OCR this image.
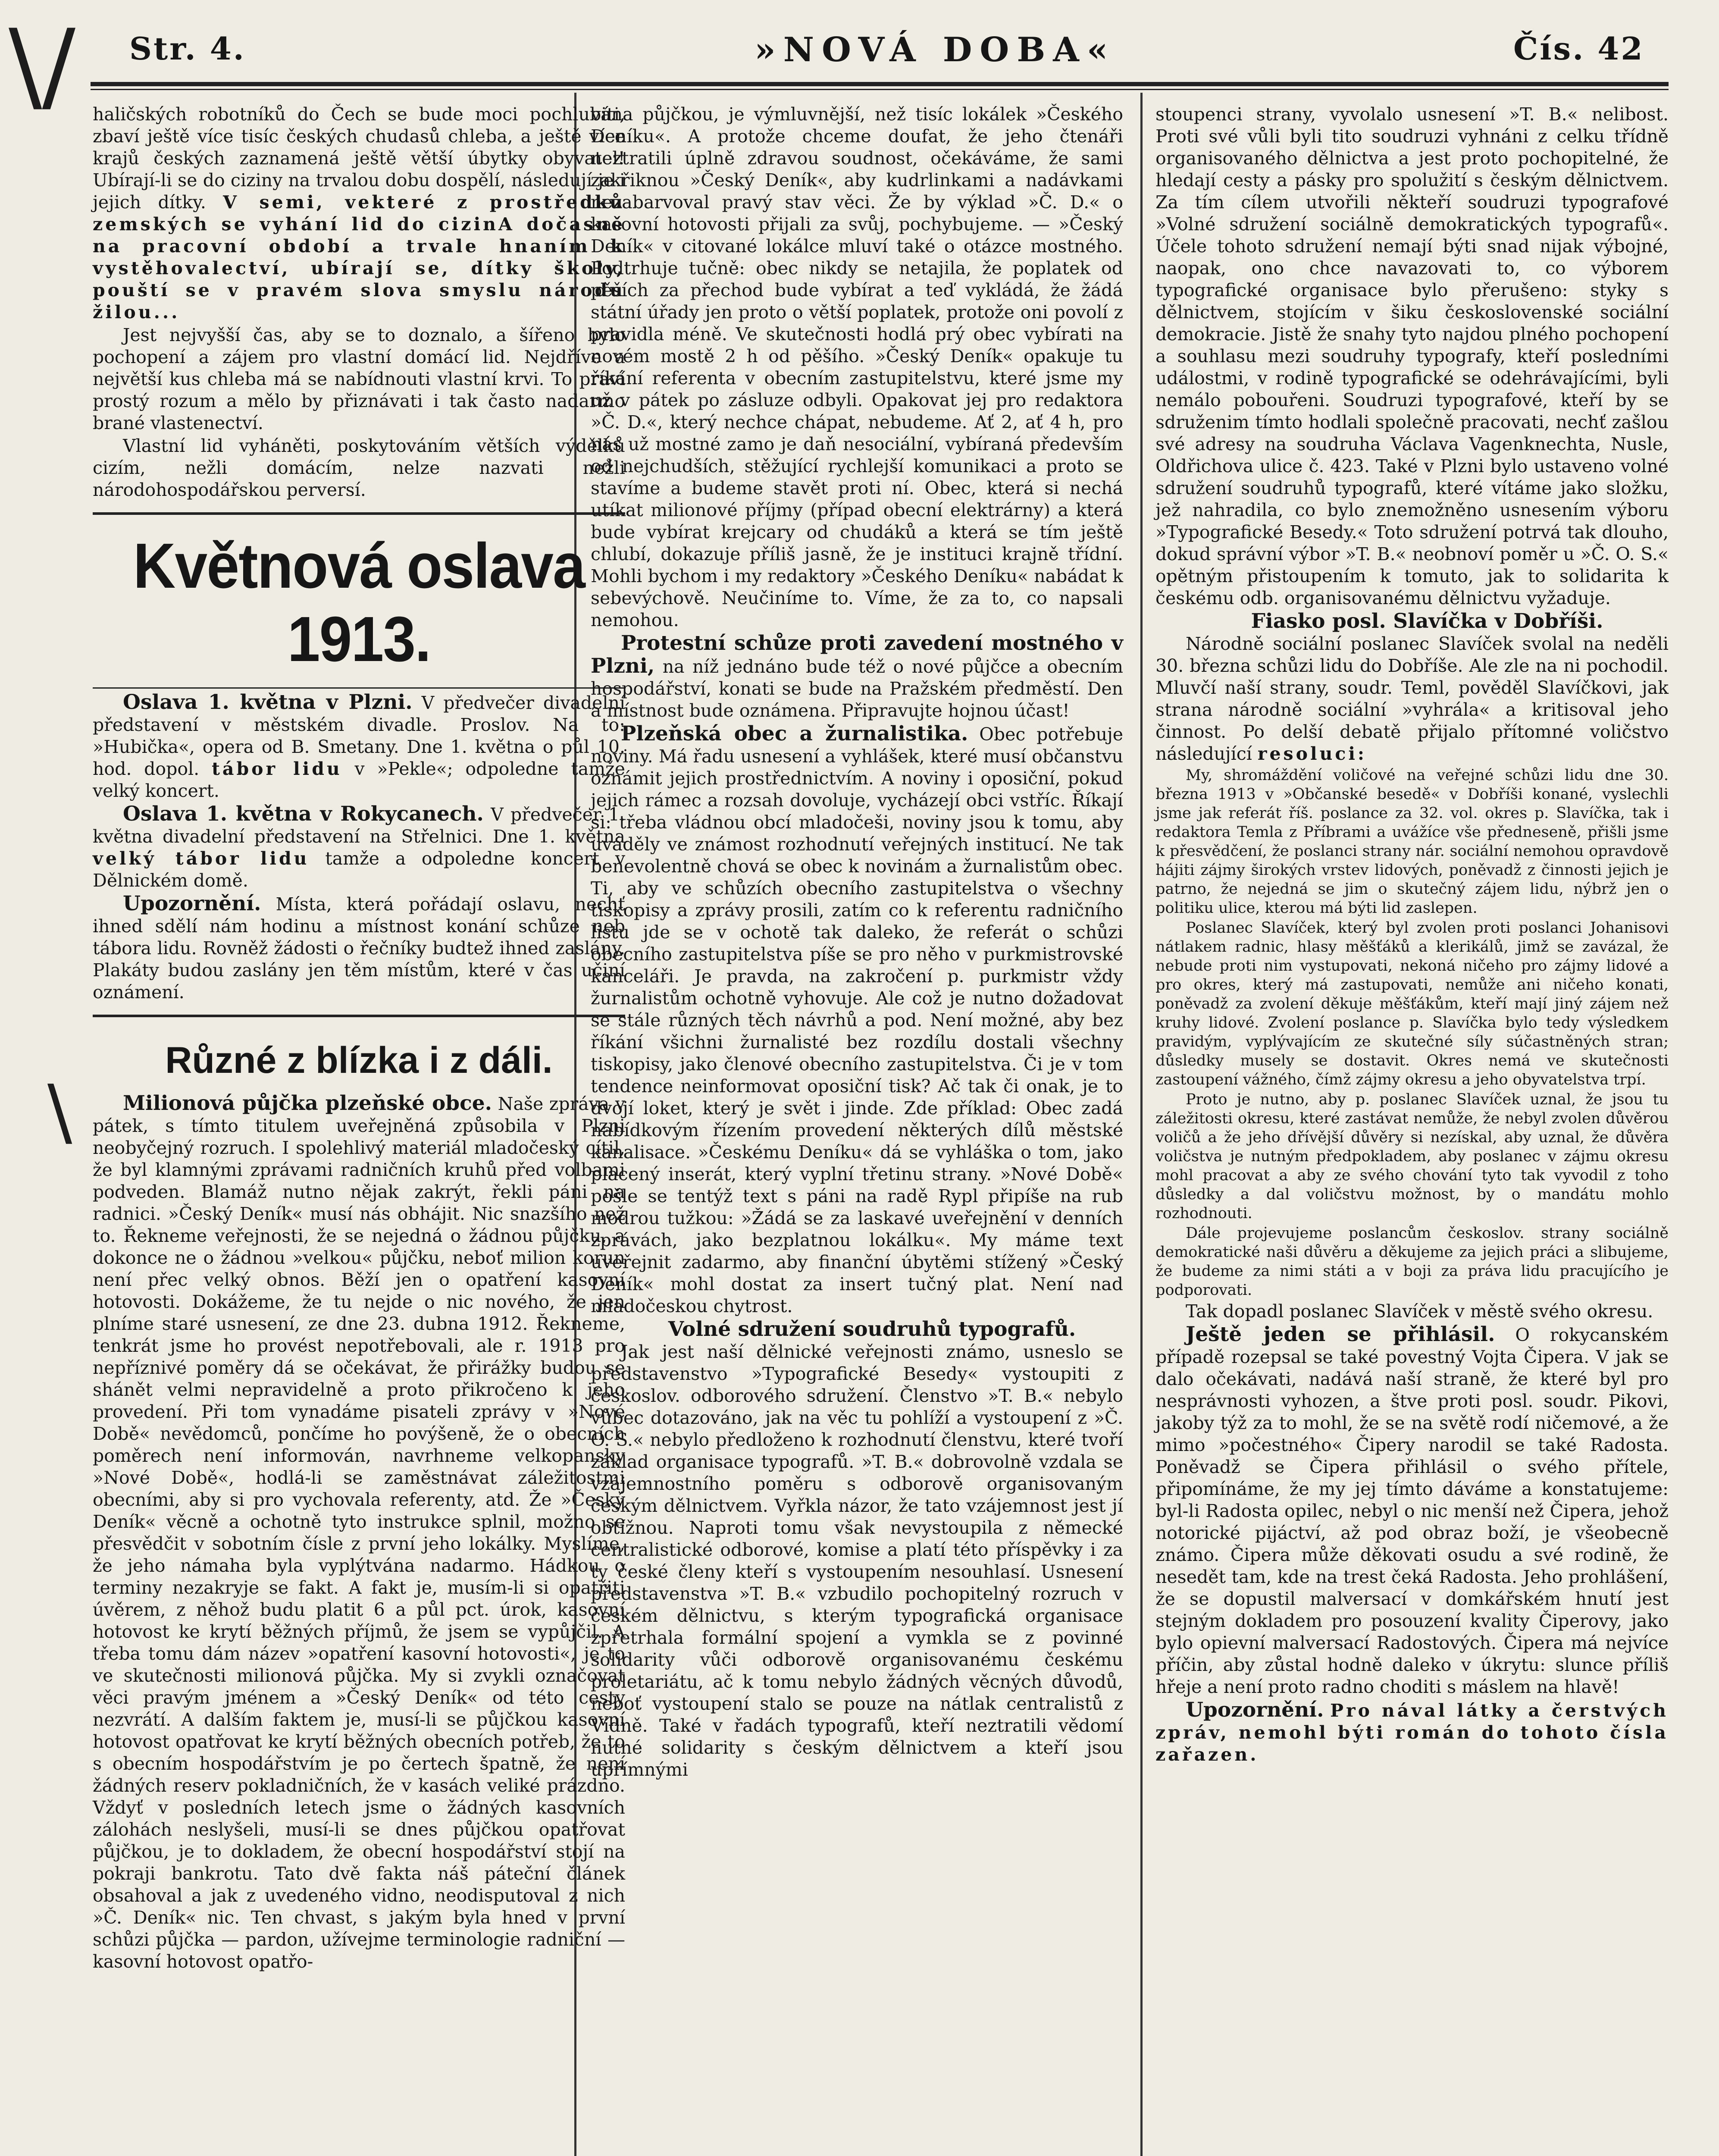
Str. 4.	»NOVÁ DOBA«	Čís. 42
\/
\

haličských robotníků do Čech se bude moci pochlubiti, zbaví ještě více tisíc českých chudasů chleba, a ještě více krajů českých zaznamená ještě větší úbytky obyvatel! Ubírají-li se do ciziny na trvalou dobu dospělí, následují je i jejich dítky. V semi, vekteré z prostředků zemských se vyhání lid do cizinA dočasně na pracovní období a trvale hnaním k vystěhovalectví, ubírají se, dítky školy, pouští se v pravém slova smyslu národu žilou...

Jest nejvyšší čas, aby se to doznalo, a šířeno bylo pochopení a zájem pro vlastní domácí lid. Nejdříve a největší kus chleba má se nabídnouti vlastní krvi. To praví prostý rozum a mělo by přiznávati i tak často nadarmo brané vlastenectví.

Vlastní lid vyháněti, poskytováním větších výdělků cizím, nežli domácím, nelze nazvati nežli národohospodářskou perversí.

Květnová oslava 1913.

Oslava 1. května v Plzni. V předvečer divadelní představení v městském divadle. Proslov. Na to: »Hubička«, opera od B. Smetany. Dne 1. května o půl 10. hod. dopol. tábor lidu v »Pekle«; odpoledne tamže velký koncert.

Oslava 1. května v Rokycanech. V předvečer 1. května divadelní představení na Střelnici. Dne 1. května velký tábor lidu tamže a odpoledne koncert v Dělnickém domě.

Upozornění. Místa, která pořádají oslavu, nechť ihned sdělí nám hodinu a místnost konání schůze neb tábora lidu. Rovněž žádosti o řečníky budtež ihned zaslány. Plakáty budou zaslány jen těm místům, které v čas učiní oznámení.

Různé z blízka i z dáli.

Milionová půjčka plzeňské obce. Naše zpráva v pátek, s tímto titulem uveřejněná způsobila v Plzni neobyčejný rozruch. I spolehlivý materiál mladočeský cítil, že byl klamnými zprávami radničních kruhů před volbami podveden. Blamáž nutno nějak zakrýt, řekli páni na radnici. »Český Deník« musí nás obhájit. Nic snazšího než to. Řekneme veřejnosti, že se nejedná o žádnou půjčku, a dokonce ne o žádnou »velkou« půjčku, neboť milion korun není přec velký obnos. Běží jen o opatření kasovní hotovosti. Dokážeme, že tu nejde o nic nového, že jen plníme staré usnesení, ze dne 23. dubna 1912. Řekneme, tenkrát jsme ho provést nepotřebovali, ale r. 1913 pro nepříznivé poměry dá se očekávat, že přirážky budou se shánět velmi nepravidelně a proto přikročeno k jeho provedení. Při tom vynadáme pisateli zprávy v »Nové Době« nevědomců, pončíme ho povýšeně, že o obecních poměrech není informován, navrhneme velkopansky »Nové Době«, hodlá-li se zaměstnávat záležitostmi obecními, aby si pro vychovala referenty, atd. Že »Český Deník« věcně a ochotně tyto instrukce splnil, možno se přesvědčit v sobotním čísle z první jeho lokálky. Myslíme, že jeho námaha byla vyplýtvána nadarmo. Hádkou o terminy nezakryje se fakt. A fakt je, musím-li si opatřiti úvěrem, z něhož budu platit 6 a půl pct. úrok, kasovní hotovost ke krytí běžných příjmů, že jsem se vypůjčil. A třeba tomu dám název »opatření kasovní hotovosti«, je to ve skutečnosti milionová půjčka. My si zvykli označovat věci pravým jménem a »Český Deník« od této cesty nezvrátí. A dalším faktem je, musí-li se půjčkou kasovní hotovost opatřovat ke krytí běžných obecních potřeb, že to s obecním hospodářstvím je po čertech špatně, že není žádných reserv pokladničních, že v kasách veliké prázdno. Vždyť v posledních letech jsme o žádných kasovních zálohách neslyšeli, musí-li se dnes půjčkou opatřovat půjčkou, je to dokladem, že obecní hospodářství stojí na pokraji bankrotu. Tato dvě fakta náš páteční článek obsahoval a jak z uvedeného vidno, neodisputoval z nich »Č. Deník« nic. Ten chvast, s jakým byla hned v první schůzi půjčka — pardon, užívejme terminologie radniční — kasovní hotovost opatřo-

vána půjčkou, je výmluvnější, než tisíc lokálek »Českého Deníku«. A protože chceme doufat, že jeho čtenáři neztratili úplně zdravou soudnost, očekáváme, že sami zakřiknou »Český Deník«, aby kudrlinkami a nadávkami nezabarvoval pravý stav věci. Že by výklad »Č. D.« o kasovní hotovosti přijali za svůj, pochybujeme. — »Český Deník« v citované lokálce mluví také o otázce mostného. Podtrhuje tučně: obec nikdy se netajila, že poplatek od pěších za přechod bude vybírat a teď vykládá, že žádá státní úřady jen proto o větší poplatek, protože oni povolí z pravidla méně. Ve skutečnosti hodlá prý obec vybírati na novém mostě 2 h od pěšího. »Český Deník« opakuje tu říkání referenta v obecním zastupitelstvu, které jsme my už v pátek po zásluze odbyli. Opakovat jej pro redaktora »Č. D.«, který nechce chápat, nebudeme. Ať 2, ať 4 h, pro nás už mostné zamo je daň nesociální, vybíraná především od nejchudších, stěžující rychlejší komunikaci a proto se stavíme a budeme stavět proti ní. Obec, která si nechá utíkat milionové příjmy (případ obecní elektrárny) a která bude vybírat krejcary od chudáků a která se tím ještě chlubí, dokazuje příliš jasně, že je instituci krajně třídní. Mohli bychom i my redaktory »Českého Deníku« nabádat k sebevýchově. Neučiníme to. Víme, že za to, co napsali nemohou.

Protestní schůze proti zavedení mostného v Plzni, na níž jednáno bude též o nové půjčce a obecním hospodářství, konati se bude na Pražském předměstí. Den a místnost bude oznámena. Připravujte hojnou účast!

Plzeňská obec a žurnalistika. Obec potřebuje noviny. Má řadu usnesení a vyhlášek, které musí občanstvu oznámit jejich prostřednictvím. A noviny i oposiční, pokud jejich rámec a rozsah dovoluje, vycházejí obci vstříc. Říkají si: třeba vládnou obcí mladočeši, noviny jsou k tomu, aby uváděly ve známost rozhodnutí veřejných institucí. Ne tak benevolentně chová se obec k novinám a žurnalistům obec. Ti, aby ve schůzích obecního zastupitelstva o všechny tiskopisy a zprávy prosili, zatím co k referentu radničního listu jde se v ochotě tak daleko, že referát o schůzi obecního zastupitelstva píše se pro něho v purkmistrovské kanceláři. Je pravda, na zakročení p. purkmistr vždy žurnalistům ochotně vyhovuje. Ale což je nutno dožadovat se stále různých těch návrhů a pod. Není možné, aby bez říkání všichni žurnalisté bez rozdílu dostali všechny tiskopisy, jako členové obecního zastupitelstva. Či je v tom tendence neinformovat oposiční tisk? Ač tak či onak, je to dvojí loket, který je svět i jinde. Zde příklad: Obec zadá nabídkovým řízením provedení některých dílů městské kanalisace. »Českému Deníku« dá se vyhláška o tom, jako placený inserát, který vyplní třetinu strany. »Nové Době« pošle se tentýž text s páni na radě Rypl připíše na rub modrou tužkou: »Žádá se za laskavé uveřejnění v denních zprávách, jako bezplatnou lokálku«. My máme text uveřejnit zadarmo, aby finanční úbytěmi stížený »Český Deník« mohl dostat za insert tučný plat. Není nad mladočeskou chytrost.

Volné sdružení soudruhů typografů.

Jak jest naší dělnické veřejnosti známo, usneslo se představenstvo »Typografické Besedy« vystoupiti z českoslov. odborového sdružení. Členstvo »T. B.« nebylo vůbec dotazováno, jak na věc tu pohlíží a vystoupení z »Č. O. S.« nebylo předloženo k rozhodnutí členstvu, které tvoří základ organisace typografů. »T. B.« dobrovolně vzdala se vzájemnostního poměru s odborově organisovaným českým dělnictvem. Vyřkla názor, že tato vzájemnost jest jí obtížnou. Naproti tomu však nevystoupila z německé centralistické odborové, komise a platí této příspěvky i za ty české členy kteří s vystoupením nesouhlasí. Usnesení představenstva »T. B.« vzbudilo pochopitelný rozruch v českém dělnictvu, s kterým typografická organisace zpřetrhala formální spojení a vymkla se z povinné solidarity vůči odborově organisovanému českému proletariátu, ač k tomu nebylo žádných věcných důvodů, neboť vystoupení stalo se pouze na nátlak centralistů z Vídně. Také v řadách typografů, kteří neztratili vědomí nutné solidarity s českým dělnictvem a kteří jsou upřímnými

stoupenci strany, vyvolalo usnesení »T. B.« nelibost. Proti své vůli byli tito soudruzi vyhnáni z celku třídně organisovaného dělnictva a jest proto pochopitelné, že hledají cesty a pásky pro spolužití s českým dělnictvem. Za tím cílem utvořili někteří soudruzi typografové »Volné sdružení sociálně demokratických typografů«. Účele tohoto sdružení nemají býti snad nijak výbojné, naopak, ono chce navazovati to, co výborem typografické organisace bylo přerušeno: styky s dělnictvem, stojícím v šiku československé sociální demokracie. Jistě že snahy tyto najdou plného pochopení a souhlasu mezi soudruhy typografy, kteří posledními událostmi, v rodině typografické se odehrávajícími, byli nemálo pobouřeni. Soudruzi typografové, kteří by se sdruženim tímto hodlali společně pracovati, nechť zašlou své adresy na soudruha Václava Vagenknechta, Nusle, Oldřichova ulice č. 423. Také v Plzni bylo ustaveno volné sdružení soudruhů typografů, které vítáme jako složku, jež nahradila, co bylo znemožněno usnesením výboru »Typografické Besedy.« Toto sdružení potrvá tak dlouho, dokud správní výbor »T. B.« neobnoví poměr u »Č. O. S.« opětným přistoupením k tomuto, jak to solidarita k českému odb. organisovanému dělnictvu vyžaduje.

Fiasko posl. Slavíčka v Dobříši.

Národně sociální poslanec Slavíček svolal na neděli 30. března schůzi lidu do Dobříše. Ale zle na ni pochodil. Mluvčí naší strany, soudr. Teml, pověděl Slavíčkovi, jak strana národně sociální »vyhrála« a kritisoval jeho činnost. Po delší debatě přijalo přítomné voličstvo následující resoluci:

My, shromáždění voličové na veřejné schůzi lidu dne 30. března 1913 v »Občanské besedě« v Dobříši konané, vyslechli jsme jak referát říš. poslance za 32. vol. okres p. Slavíčka, tak i redaktora Temla z Příbrami a uvážíce vše předneseně, přišli jsme k přesvědčení, že poslanci strany nár. sociální nemohou opravdově hájiti zájmy širokých vrstev lidových, poněvadž z činnosti jejich je patrno, že nejedná se jim o skutečný zájem lidu, nýbrž jen o politiku ulice, kterou má býti lid zaslepen.

Poslanec Slavíček, který byl zvolen proti poslanci Johanisovi nátlakem radnic, hlasy měšťáků a klerikálů, jimž se zavázal, že nebude proti nim vystupovati, nekoná ničeho pro zájmy lidové a pro okres, který má zastupovati, nemůže ani ničeho konati, poněvadž za zvolení děkuje měšťákům, kteří mají jiný zájem než kruhy lidové. Zvolení poslance p. Slavíčka bylo tedy výsledkem pravidým, vyplývajícím ze skutečné síly súčastněných stran; důsledky musely se dostavit. Okres nemá ve skutečnosti zastoupení vážného, čímž zájmy okresu a jeho obyvatelstva trpí.

Proto je nutno, aby p. poslanec Slavíček uznal, že jsou tu záležitosti okresu, které zastávat nemůže, že nebyl zvolen důvěrou voličů a že jeho dřívější důvěry si nezískal, aby uznal, že důvěra voličstva je nutným předpokladem, aby poslanec v zájmu okresu mohl pracovat a aby ze svého chování tyto tak vyvodil z toho důsledky a dal voličstvu možnost, by o mandátu mohlo rozhodnouti.

Dále projevujeme poslancům českoslov. strany sociálně demokratické naši důvěru a děkujeme za jejich práci a slibujeme, že budeme za nimi státi a v boji za práva lidu pracujícího je podporovati.

Tak dopadl poslanec Slavíček v městě svého okresu.

Ještě jeden se přihlásil. O rokycanském případě rozepsal se také povestný Vojta Čipera. V jak se dalo očekávati, nadává naší straně, že které byl pro nesprávnosti vyhozen, a štve proti posl. soudr. Pikovi, jakoby týž za to mohl, že se na světě rodí ničemové, a že mimo »počestného« Čipery narodil se také Radosta. Poněvadž se Čipera přihlásil o svého přítele, připomínáme, že my jej tímto dáváme a konstatujeme: byl-li Radosta opilec, nebyl o nic menší než Čipera, jehož notorické pijáctví, až pod obraz boží, je všeobecně známo. Čipera může děkovati osudu a své rodině, že nesedět tam, kde na trest čeká Radosta. Jeho prohlášení, že se dopustil malversací v domkářském hnutí jest stejným dokladem pro posouzení kvality Čiperovy, jako bylo opievní malversací Radostových. Čipera má nejvíce příčin, aby zůstal hodně daleko v úkrytu: slunce příliš hřeje a není proto radno choditi s máslem na hlavě!

Upozornění. Pro nával látky a čerstvých zpráv, nemohl býti román do tohoto čísla zařazen.
